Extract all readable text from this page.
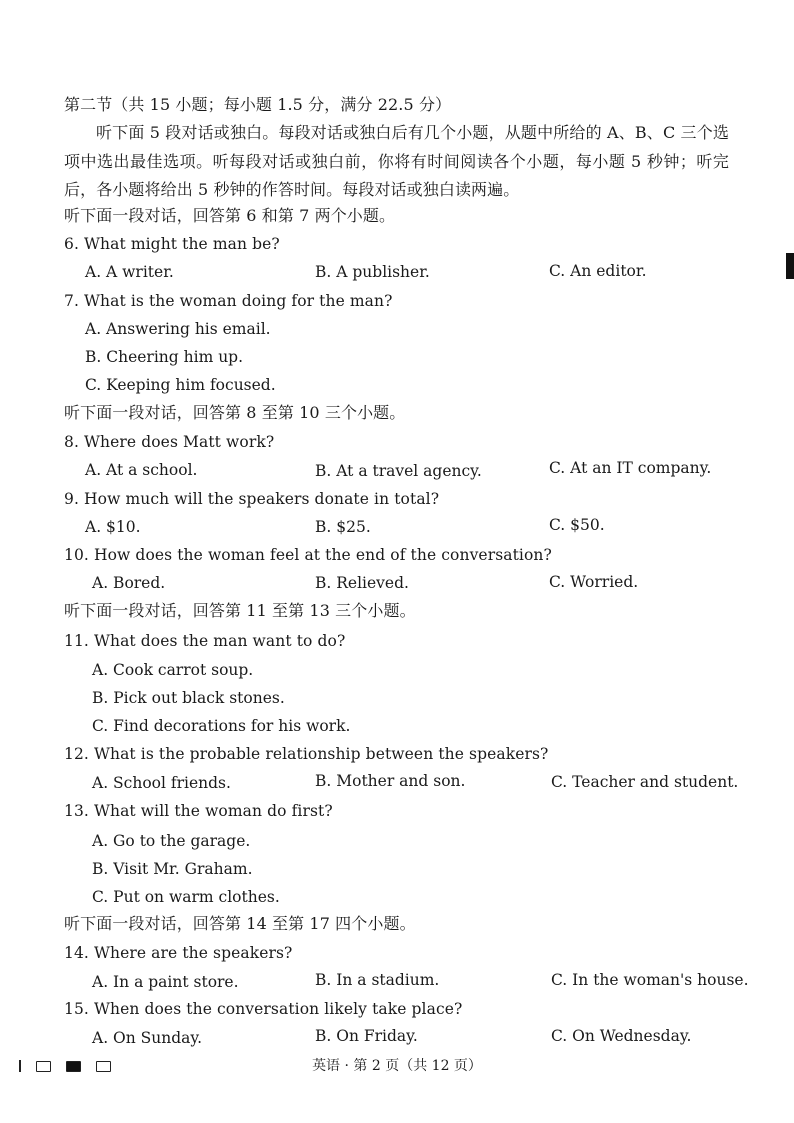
第二节（共 15 小题；每小题 1.5 分，满分 22.5 分）
听下面 5 段对话或独白。每段对话或独白后有几个小题，从题中所给的 A、B、C 三个选项中选出最佳选项。听每段对话或独白前，你将有时间阅读各个小题，每小题 5 秒钟；听完后，各小题将给出 5 秒钟的作答时间。每段对话或独白读两遍。
听下面一段对话，回答第 6 和第 7 两个小题。
6. What might the man be?
A. A writer.	B. A publisher.	C. An editor.
7. What is the woman doing for the man?
A. Answering his email.
B. Cheering him up.
C. Keeping him focused.
听下面一段对话，回答第 8 至第 10 三个小题。
8. Where does Matt work?
A. At a school.	B. At a travel agency.	C. At an IT company.
9. How much will the speakers donate in total?
A. $10.	B. $25.	C. $50.
10. How does the woman feel at the end of the conversation?
A. Bored.	B. Relieved.	C. Worried.
听下面一段对话，回答第 11 至第 13 三个小题。
11. What does the man want to do?
A. Cook carrot soup.
B. Pick out black stones.
C. Find decorations for his work.
12. What is the probable relationship between the speakers?
A. School friends.	B. Mother and son.	C. Teacher and student.
13. What will the woman do first?
A. Go to the garage.
B. Visit Mr. Graham.
C. Put on warm clothes.
听下面一段对话，回答第 14 至第 17 四个小题。
14. Where are the speakers?
A. In a paint store.	B. In a stadium.	C. In the woman's house.
15. When does the conversation likely take place?
A. On Sunday.	B. On Friday.	C. On Wednesday.
英语 · 第 2 页（共 12 页）
